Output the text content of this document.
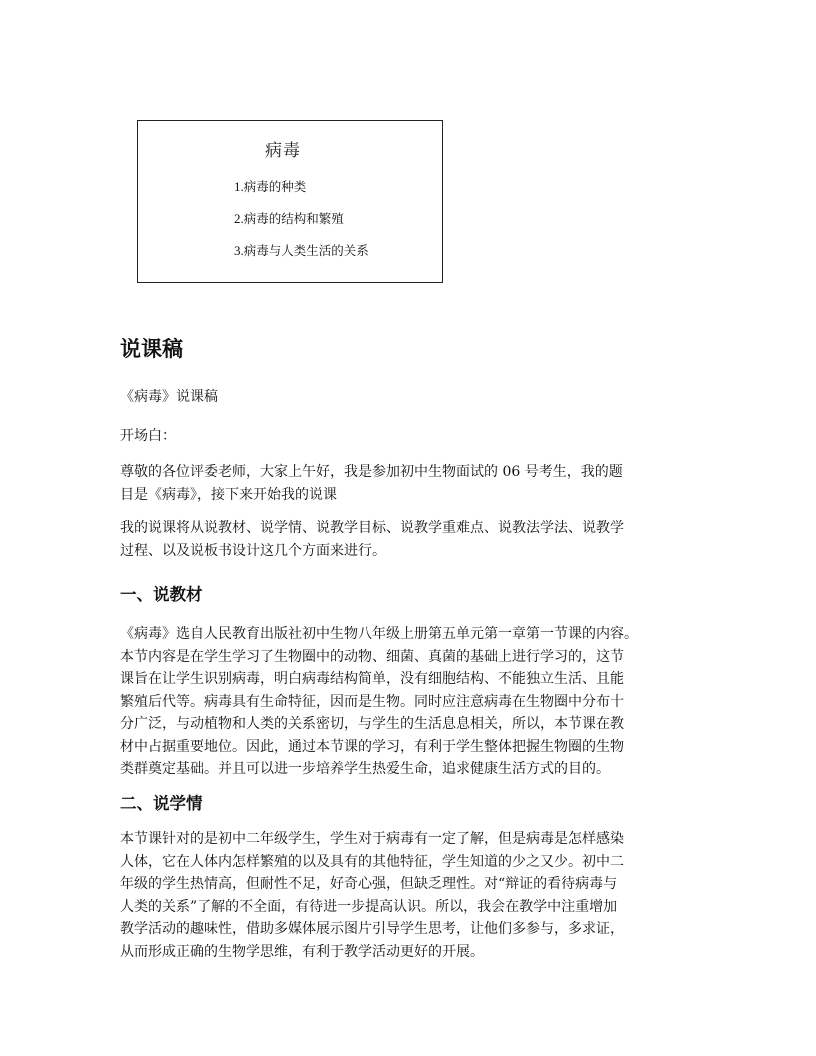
病毒
1.病毒的种类
2.病毒的结构和繁殖
3.病毒与人类生活的关系
说课稿

《病毒》说课稿

开场白：

尊敬的各位评委老师，大家上午好，我是参加初中生物面试的 06 号考生，我的题
目是《病毒》，接下来开始我的说课

我的说课将从说教材、说学情、说教学目标、说教学重难点、说教法学法、说教学
过程、以及说板书设计这几个方面来进行。

一、说教材

《病毒》选自人民教育出版社初中生物八年级上册第五单元第一章第一节课的内容。
本节内容是在学生学习了生物圈中的动物、细菌、真菌的基础上进行学习的，这节
课旨在让学生识别病毒，明白病毒结构简单，没有细胞结构、不能独立生活、且能
繁殖后代等。病毒具有生命特征，因而是生物。同时应注意病毒在生物圈中分布十
分广泛，与动植物和人类的关系密切，与学生的生活息息相关，所以，本节课在教
材中占据重要地位。因此，通过本节课的学习，有利于学生整体把握生物圈的生物
类群奠定基础。并且可以进一步培养学生热爱生命，追求健康生活方式的目的。

二、说学情

本节课针对的是初中二年级学生，学生对于病毒有一定了解，但是病毒是怎样感染
人体，它在人体内怎样繁殖的以及具有的其他特征，学生知道的少之又少。初中二
年级的学生热情高，但耐性不足，好奇心强，但缺乏理性。对“辩证的看待病毒与
人类的关系”了解的不全面，有待进一步提高认识。所以，我会在教学中注重增加
教学活动的趣味性，借助多媒体展示图片引导学生思考，让他们多参与，多求证，
从而形成正确的生物学思维，有利于教学活动更好的开展。
